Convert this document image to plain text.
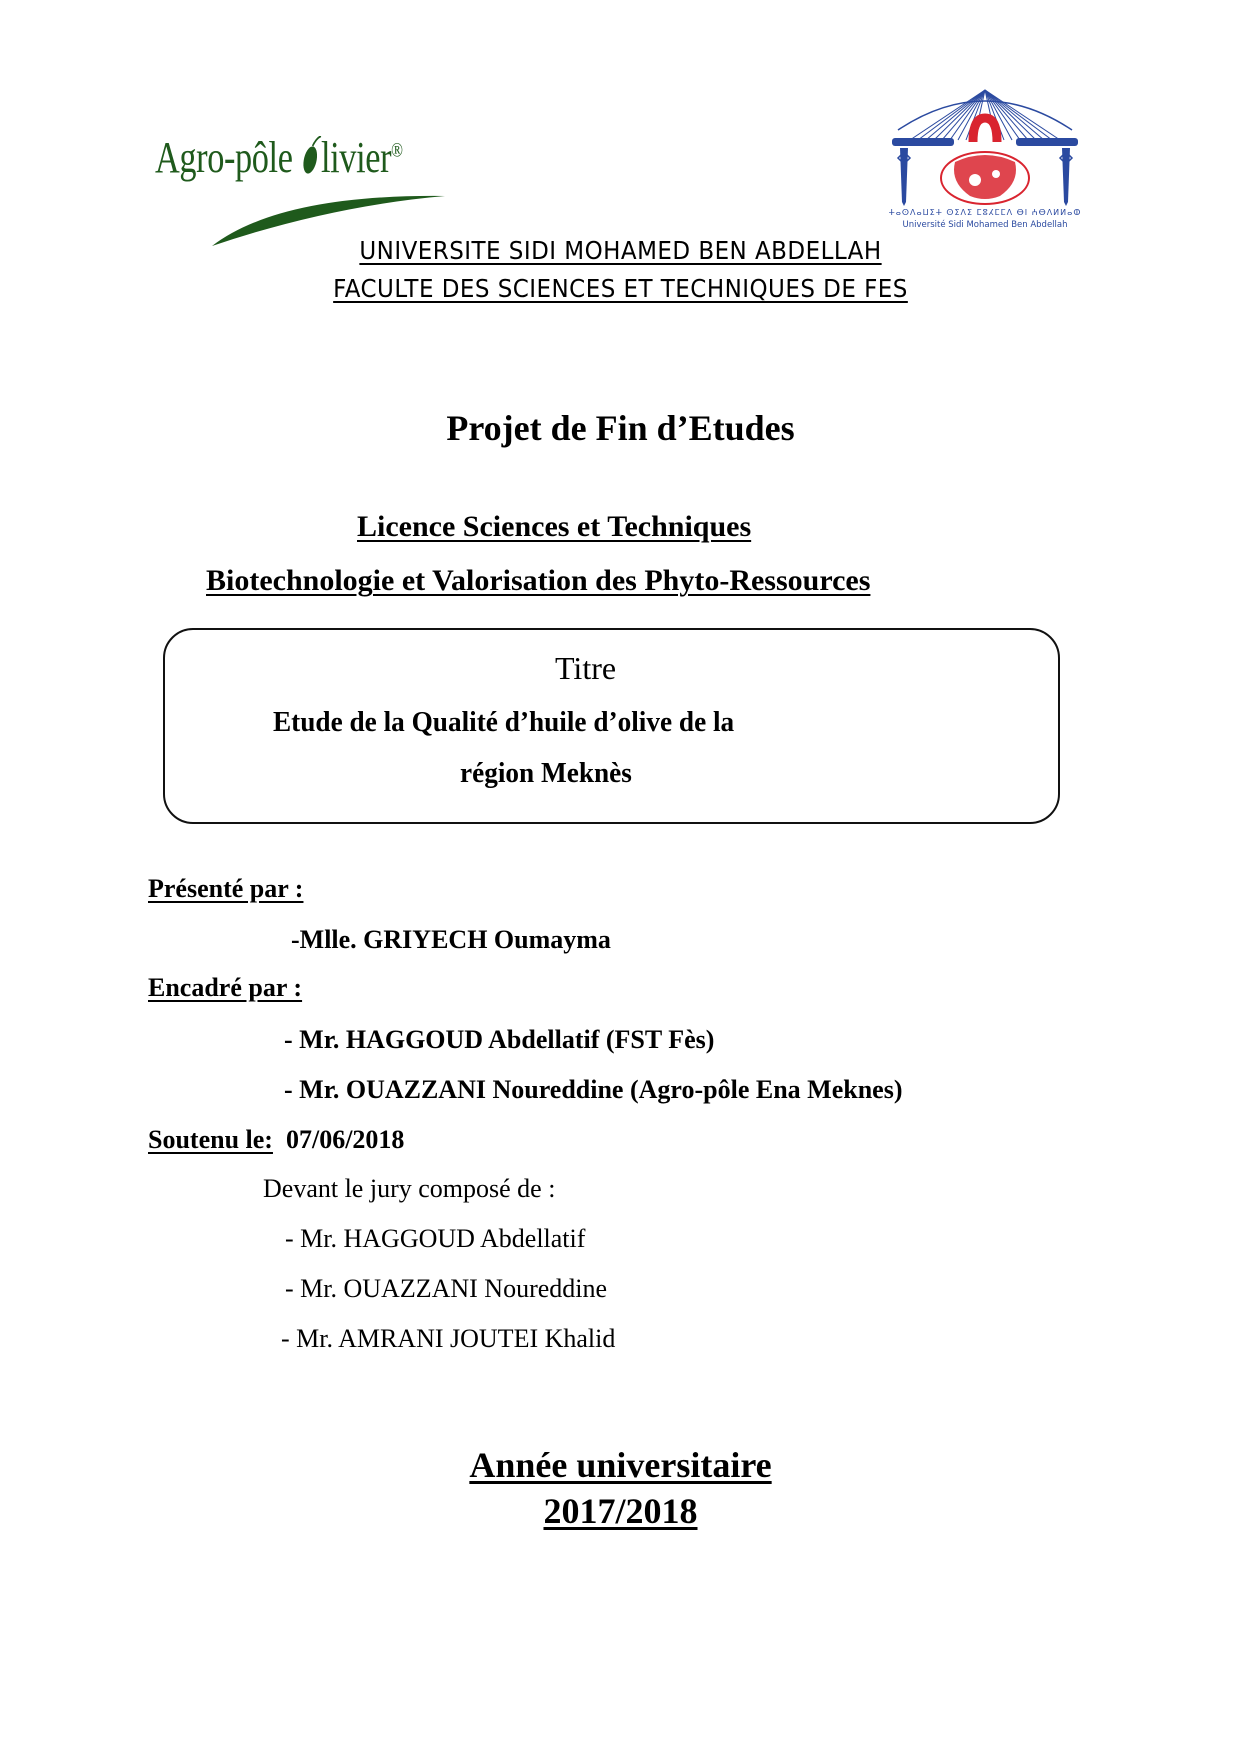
Agro-pôle livier®
ⵜⴰⵙⴷⴰⵡⵉⵜ ⵙⵉⴷⵉ ⵎⵓⵃⵎⵎⴷ ⴱⵏ ⵄⴱⴷⵍⵍⴰⵀ
Université Sidi Mohamed Ben Abdellah
UNIVERSITE SIDI MOHAMED BEN ABDELLAH
FACULTE DES SCIENCES ET TECHNIQUES DE FES
Projet de Fin d’Etudes
Licence Sciences et Techniques
Biotechnologie et Valorisation des Phyto-Ressources
Titre
Etude de la Qualité d’huile d’olive de la
région Meknès
Présenté par :
-Mlle. GRIYECH Oumayma
Encadré par :
- Mr. HAGGOUD Abdellatif (FST Fès)
- Mr. OUAZZANI Noureddine (Agro-pôle Ena Meknes)
Soutenu le: 07/06/2018
Devant le jury composé de :
- Mr. HAGGOUD Abdellatif
- Mr. OUAZZANI Noureddine
- Mr. AMRANI JOUTEI Khalid
Année universitaire
2017/2018
